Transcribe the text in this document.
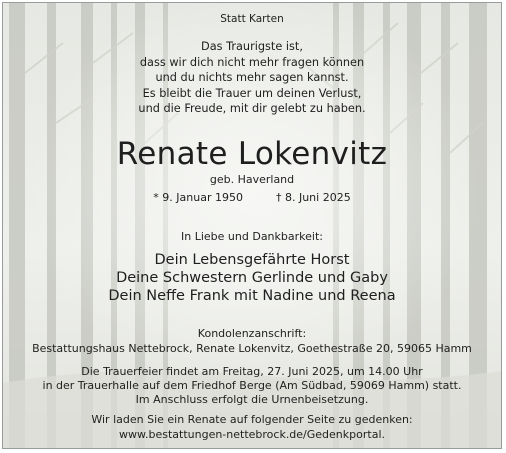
Statt Karten
Das Traurigste ist,
dass wir dich nicht mehr fragen können
und du nichts mehr sagen kannst.
Es bleibt die Trauer um deinen Verlust,
und die Freude, mit dir gelebt zu haben.
Renate Lokenvitz
geb. Haverland
* 9. Januar 1950	† 8. Juni 2025
In Liebe und Dankbarkeit:
Dein Lebensgefährte Horst
Deine Schwestern Gerlinde und Gaby
Dein Neffe Frank mit Nadine und Reena
Kondolenzanschrift:
Bestattungshaus Nettebrock, Renate Lokenvitz, Goethestraße 20, 59065 Hamm
Die Trauerfeier findet am Freitag, 27. Juni 2025, um 14.00 Uhr
in der Trauerhalle auf dem Friedhof Berge (Am Südbad, 59069 Hamm) statt.
Im Anschluss erfolgt die Urnenbeisetzung.
Wir laden Sie ein Renate auf folgender Seite zu gedenken:
www.bestattungen-nettebrock.de/Gedenkportal.
